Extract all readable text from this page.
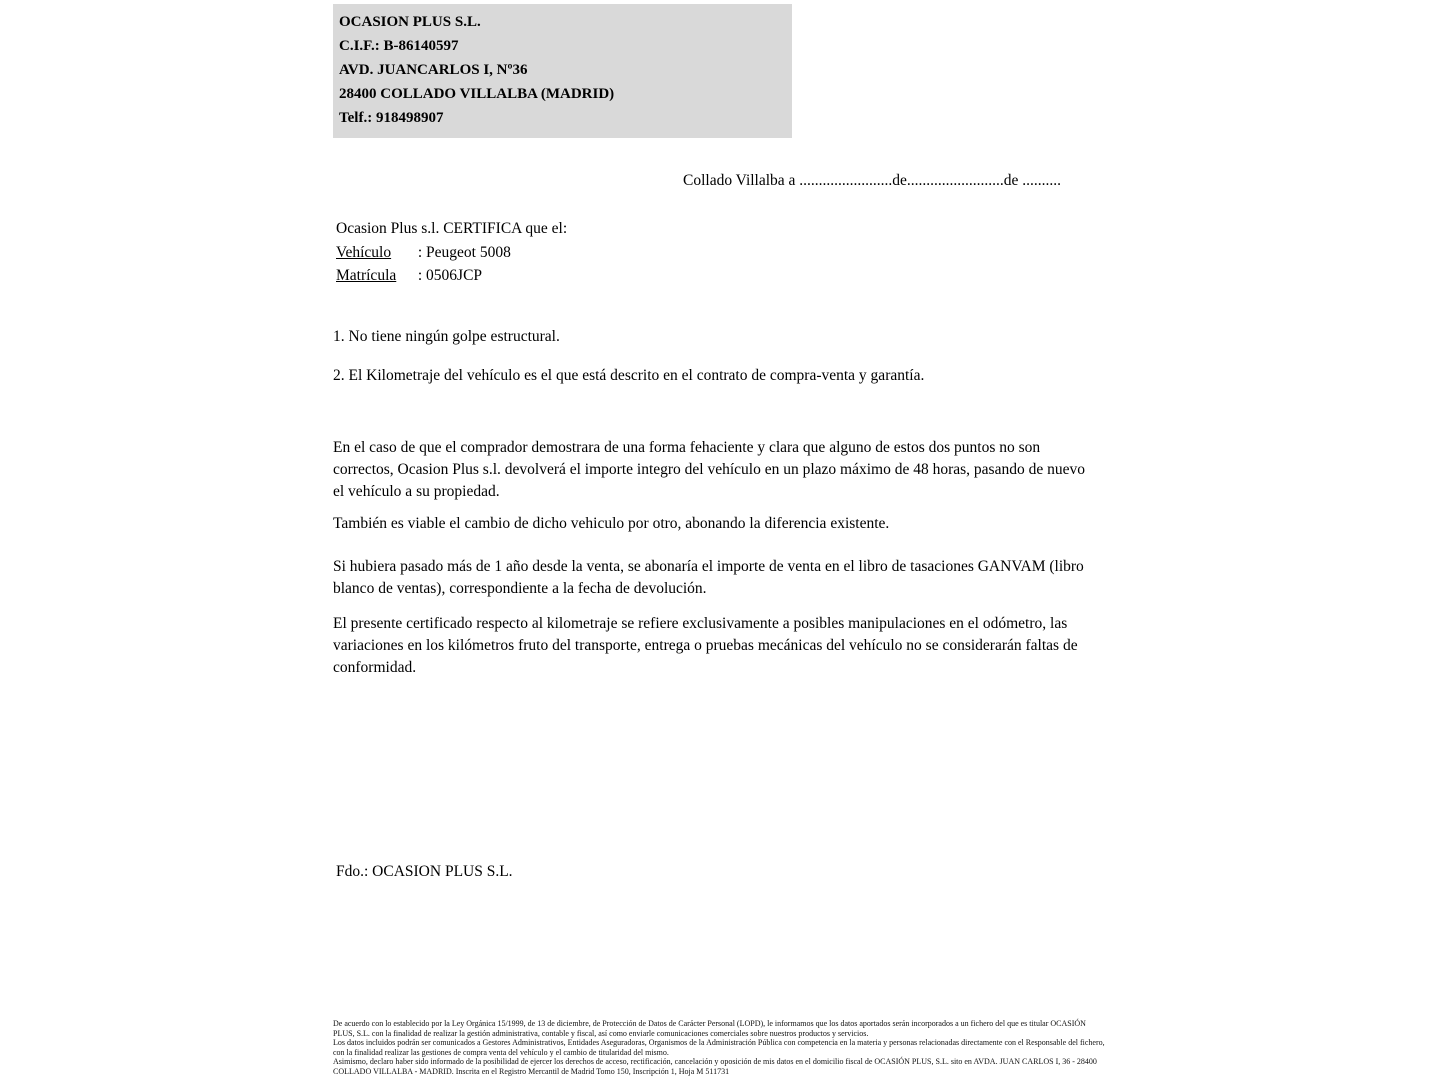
OCASION PLUS S.L.
C.I.F.: B-86140597
AVD. JUANCARLOS I, Nº36
28400 COLLADO VILLALBA (MADRID)
Telf.: 918498907
Collado Villalba a ........................de.........................de ..........
Ocasion Plus s.l. CERTIFICA que el:
Vehículo : Peugeot 5008
Matrícula : 0506JCP
1. No tiene ningún golpe estructural.
2. El Kilometraje del vehículo es el que está descrito en el contrato de compra-venta y garantía.
En el caso de que el comprador demostrara de una forma fehaciente y clara que alguno de estos dos puntos no son correctos, Ocasion Plus s.l. devolverá el importe integro del vehículo en un plazo máximo de 48 horas, pasando de nuevo el vehículo a su propiedad.
También es viable el cambio de dicho vehiculo por otro, abonando la diferencia existente.
Si hubiera pasado más de 1 año desde la venta, se abonaría el importe de venta en el libro de tasaciones GANVAM (libro blanco de ventas), correspondiente a la fecha de devolución.
El presente certificado respecto al kilometraje se refiere exclusivamente a posibles manipulaciones en el odómetro, las variaciones en los kilómetros fruto del transporte, entrega o pruebas mecánicas del vehículo no se considerarán faltas de conformidad.
Fdo.: OCASION PLUS S.L.

De acuerdo con lo establecido por la Ley Orgánica 15/1999, de 13 de diciembre, de Protección de Datos de Carácter Personal (LOPD), le informamos que los datos aportados serán incorporados a un fichero del que es titular OCASIÓN PLUS, S.L. con la finalidad de realizar la gestión administrativa, contable y fiscal, así como enviarle comunicaciones comerciales sobre nuestros productos y servicios.

Los datos incluidos podrán ser comunicados a Gestores Administrativos, Entidades Aseguradoras, Organismos de la Administración Pública con competencia en la materia y personas relacionadas directamente con el Responsable del fichero, con la finalidad realizar las gestiones de compra venta del vehículo y el cambio de titularidad del mismo.

Asimismo, declaro haber sido informado de la posibilidad de ejercer los derechos de acceso, rectificación, cancelación y oposición de mis datos en el domicilio fiscal de OCASIÓN PLUS, S.L. sito en AVDA. JUAN CARLOS I, 36 - 28400 COLLADO VILLALBA - MADRID. Inscrita en el Registro Mercantil de Madrid Tomo 150, Inscripción 1, Hoja M 511731
